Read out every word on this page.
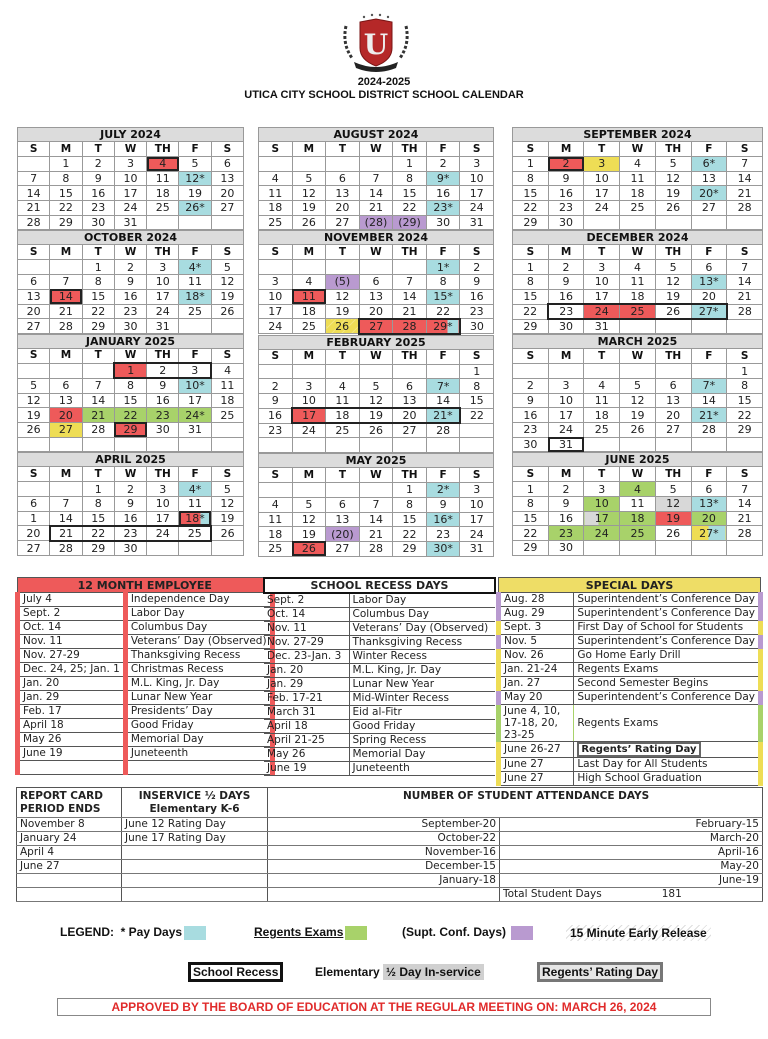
U
2024-2025
UTICA CITY SCHOOL DISTRICT SCHOOL CALENDAR
JULY 2024						
S	M	T	W	TH	F	S
	1	2	3	4	5	6
7	8	9	10	11	12*	13
14	15	16	17	18	19	20
21	22	23	24	25	26*	27
28	29	30	31			
OCTOBER 2024						
S	M	T	W	TH	F	S
		1	2	3	4*	5
6	7	8	9	10	11	12
13	14	15	16	17	18*	19
20	21	22	23	24	25	26
27	28	29	30	31		
JANUARY 2025						
S	M	T	W	TH	F	S
			1	2	3	4
5	6	7	8	9	10*	11
12	13	14	15	16	17	18
19	20	21	22	23	24*	25
26	27	28	29	30	31	

APRIL 2025						
S	M	T	W	TH	F	S
		1	2	3	4*	5
6	7	8	9	10	11	12
1	14	15	16	17	18*	19
20	21	22	23	24	25	26
27	28	29	30			
AUGUST 2024						
S	M	T	W	TH	F	S
				1	2	3
4	5	6	7	8	9*	10
11	12	13	14	15	16	17
18	19	20	21	22	23*	24
25	26	27	(28)	(29)	30	31
NOVEMBER 2024						
S	M	T	W	TH	F	S
					1*	2
3	4	(5)	6	7	8	9
10	11	12	13	14	15*	16
17	18	19	20	21	22	23
24	25	26	27	28	29*	30
FEBRUARY 2025						
S	M	T	W	TH	F	S
						1
2	3	4	5	6	7*	8
9	10	11	12	13	14	15
16	17	18	19	20	21*	22
23	24	25	26	27	28	

MAY 2025						
S	M	T	W	TH	F	S
				1	2*	3
4	5	6	7	8	9	10
11	12	13	14	15	16*	17
18	19	(20)	21	22	23	24
25	26	27	28	29	30*	31
SEPTEMBER 2024						
S	M	T	W	TH	F	S
1	2	3	4	5	6*	7
8	9	10	11	12	13	14
15	16	17	18	19	20*	21
22	23	24	25	26	27	28
29	30					
DECEMBER 2024						
S	M	T	W	TH	F	S
1	2	3	4	5	6	7
8	9	10	11	12	13*	14
15	16	17	18	19	20	21
22	23	24	25	26	27*	28
29	30	31				
MARCH 2025						
S	M	T	W	TH	F	S
						1
2	3	4	5	6	7*	8
9	10	11	12	13	14	15
16	17	18	19	20	21*	22
23	24	25	26	27	28	29
30	31					
JUNE 2025						
S	M	T	W	TH	F	S
1	2	3	4	5	6	7
8	9	10	11	12	13*	14
15	16	17	18	19	20	21
22	23	24	25	26	27*	28
29	30					
12 MONTH EMPLOYEE	
July 4	Independence Day
Sept. 2	Labor Day
Oct. 14	Columbus Day
Nov. 11	Veterans’ Day (Observed)
Nov. 27-29	Thanksgiving Recess
Dec. 24, 25; Jan. 1	Christmas Recess
Jan. 20	M.L. King, Jr. Day
Jan. 29	Lunar New Year
Feb. 17	Presidents’ Day
April 18	Good Friday
May 26	Memorial Day
June 19	Juneteenth

SCHOOL RECESS DAYS	
Sept. 2	Labor Day
Oct. 14	Columbus Day
Nov. 11	Veterans’ Day (Observed)
Nov. 27-29	Thanksgiving Recess
Dec. 23-Jan. 3	Winter Recess
Jan. 20	M.L. King, Jr. Day
Jan. 29	Lunar New Year
Feb. 17-21	Mid-Winter Recess
March 31	Eid al-Fitr
April 18	Good Friday
April 21-25	Spring Recess
May 26	Memorial Day
June 19	Juneteenth
SPECIAL DAYS	
Aug. 28	Superintendent’s Conference Day
Aug. 29	Superintendent’s Conference Day
Sept. 3	First Day of School for Students
Nov. 5	Superintendent’s Conference Day
Nov. 26	Go Home Early Drill
Jan. 21-24	Regents Exams
Jan. 27	Second Semester Begins
May 20	Superintendent’s Conference Day
June 4, 10, 17-18, 20, 23-25	Regents Exams
June 26-27	Regents’ Rating Day
June 27	Last Day for All Students
June 27	High School Graduation
REPORT CARD
PERIOD ENDS	INSERVICE ½ DAYS
Elementary K-6	NUMBER OF STUDENT ATTENDANCE DAYS	
November 8	June 12 Rating Day	September-20	February-15
January 24	June 17 Rating Day	October-22	March-20
April 4		November-16	April-16
June 27		December-15	May-20
		January-18	June-19
			Total Student Days 181
LEGEND: * Pay Days	Regents Exams	(Supt. Conf. Days)	15 Minute Early Release
School Recess	Elementary ½ Day In-service	Regents’ Rating Day
APPROVED BY THE BOARD OF EDUCATION AT THE REGULAR MEETING ON: MARCH 26, 2024
